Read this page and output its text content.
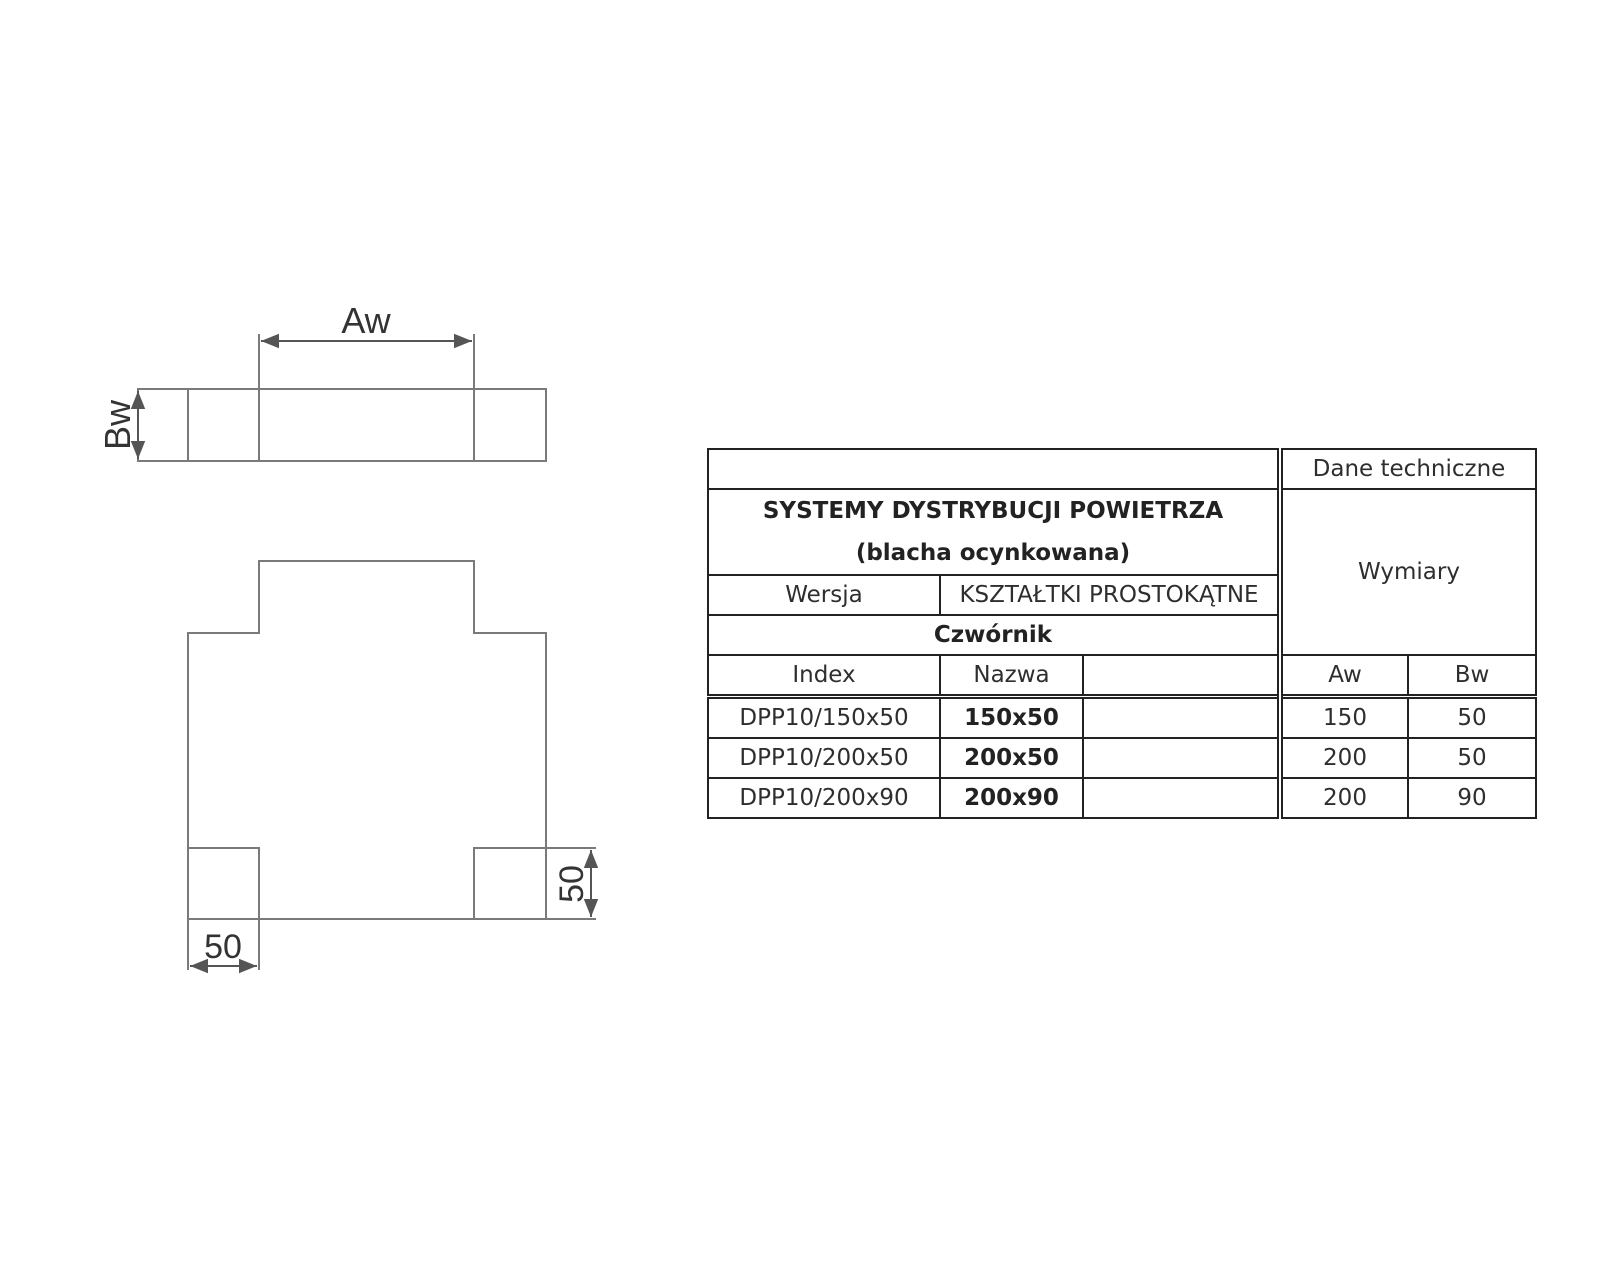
Aw
Bw
50
50
			Dane techniczne	

SYSTEMY DYSTRYBUCJI POWIETRZA
(blacha ocynkowana)			Wymiary	
Wersja	KSZTAŁTKI PROSTOKĄTNE			
Czwórnik				
Index	Nazwa		Aw	Bw
DPP10/150x50	150x50		150	50
DPP10/200x50	200x50		200	50
DPP10/200x90	200x90		200	90
